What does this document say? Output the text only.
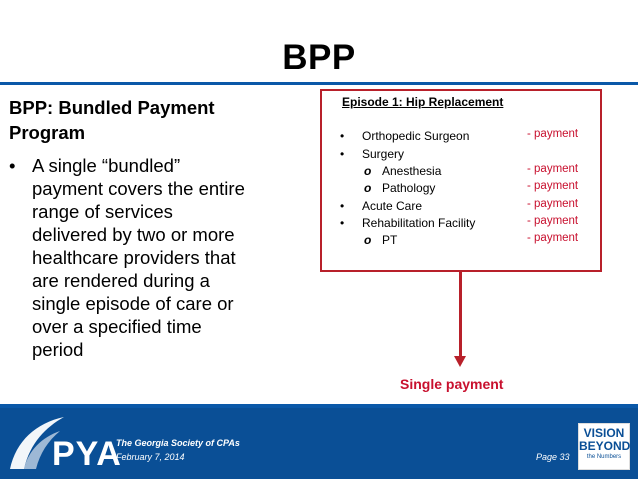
BPP
BPP: Bundled Payment
Program
• A single “bundled”
payment covers the entire
range of services
delivered by two or more
healthcare providers that
are rendered during a
single episode of care or
over a specified time
period
Episode 1: Hip Replacement
• Orthopedic Surgeon	- payment
• Surgery
o Anesthesia	- payment
o Pathology	- payment
• Acute Care	- payment
• Rehabilitation Facility	- payment
o PT	- payment
Single payment
PYA
The Georgia Society of CPAs
February 7, 2014	Page 33
VISION
BEYOND
the Numbers
